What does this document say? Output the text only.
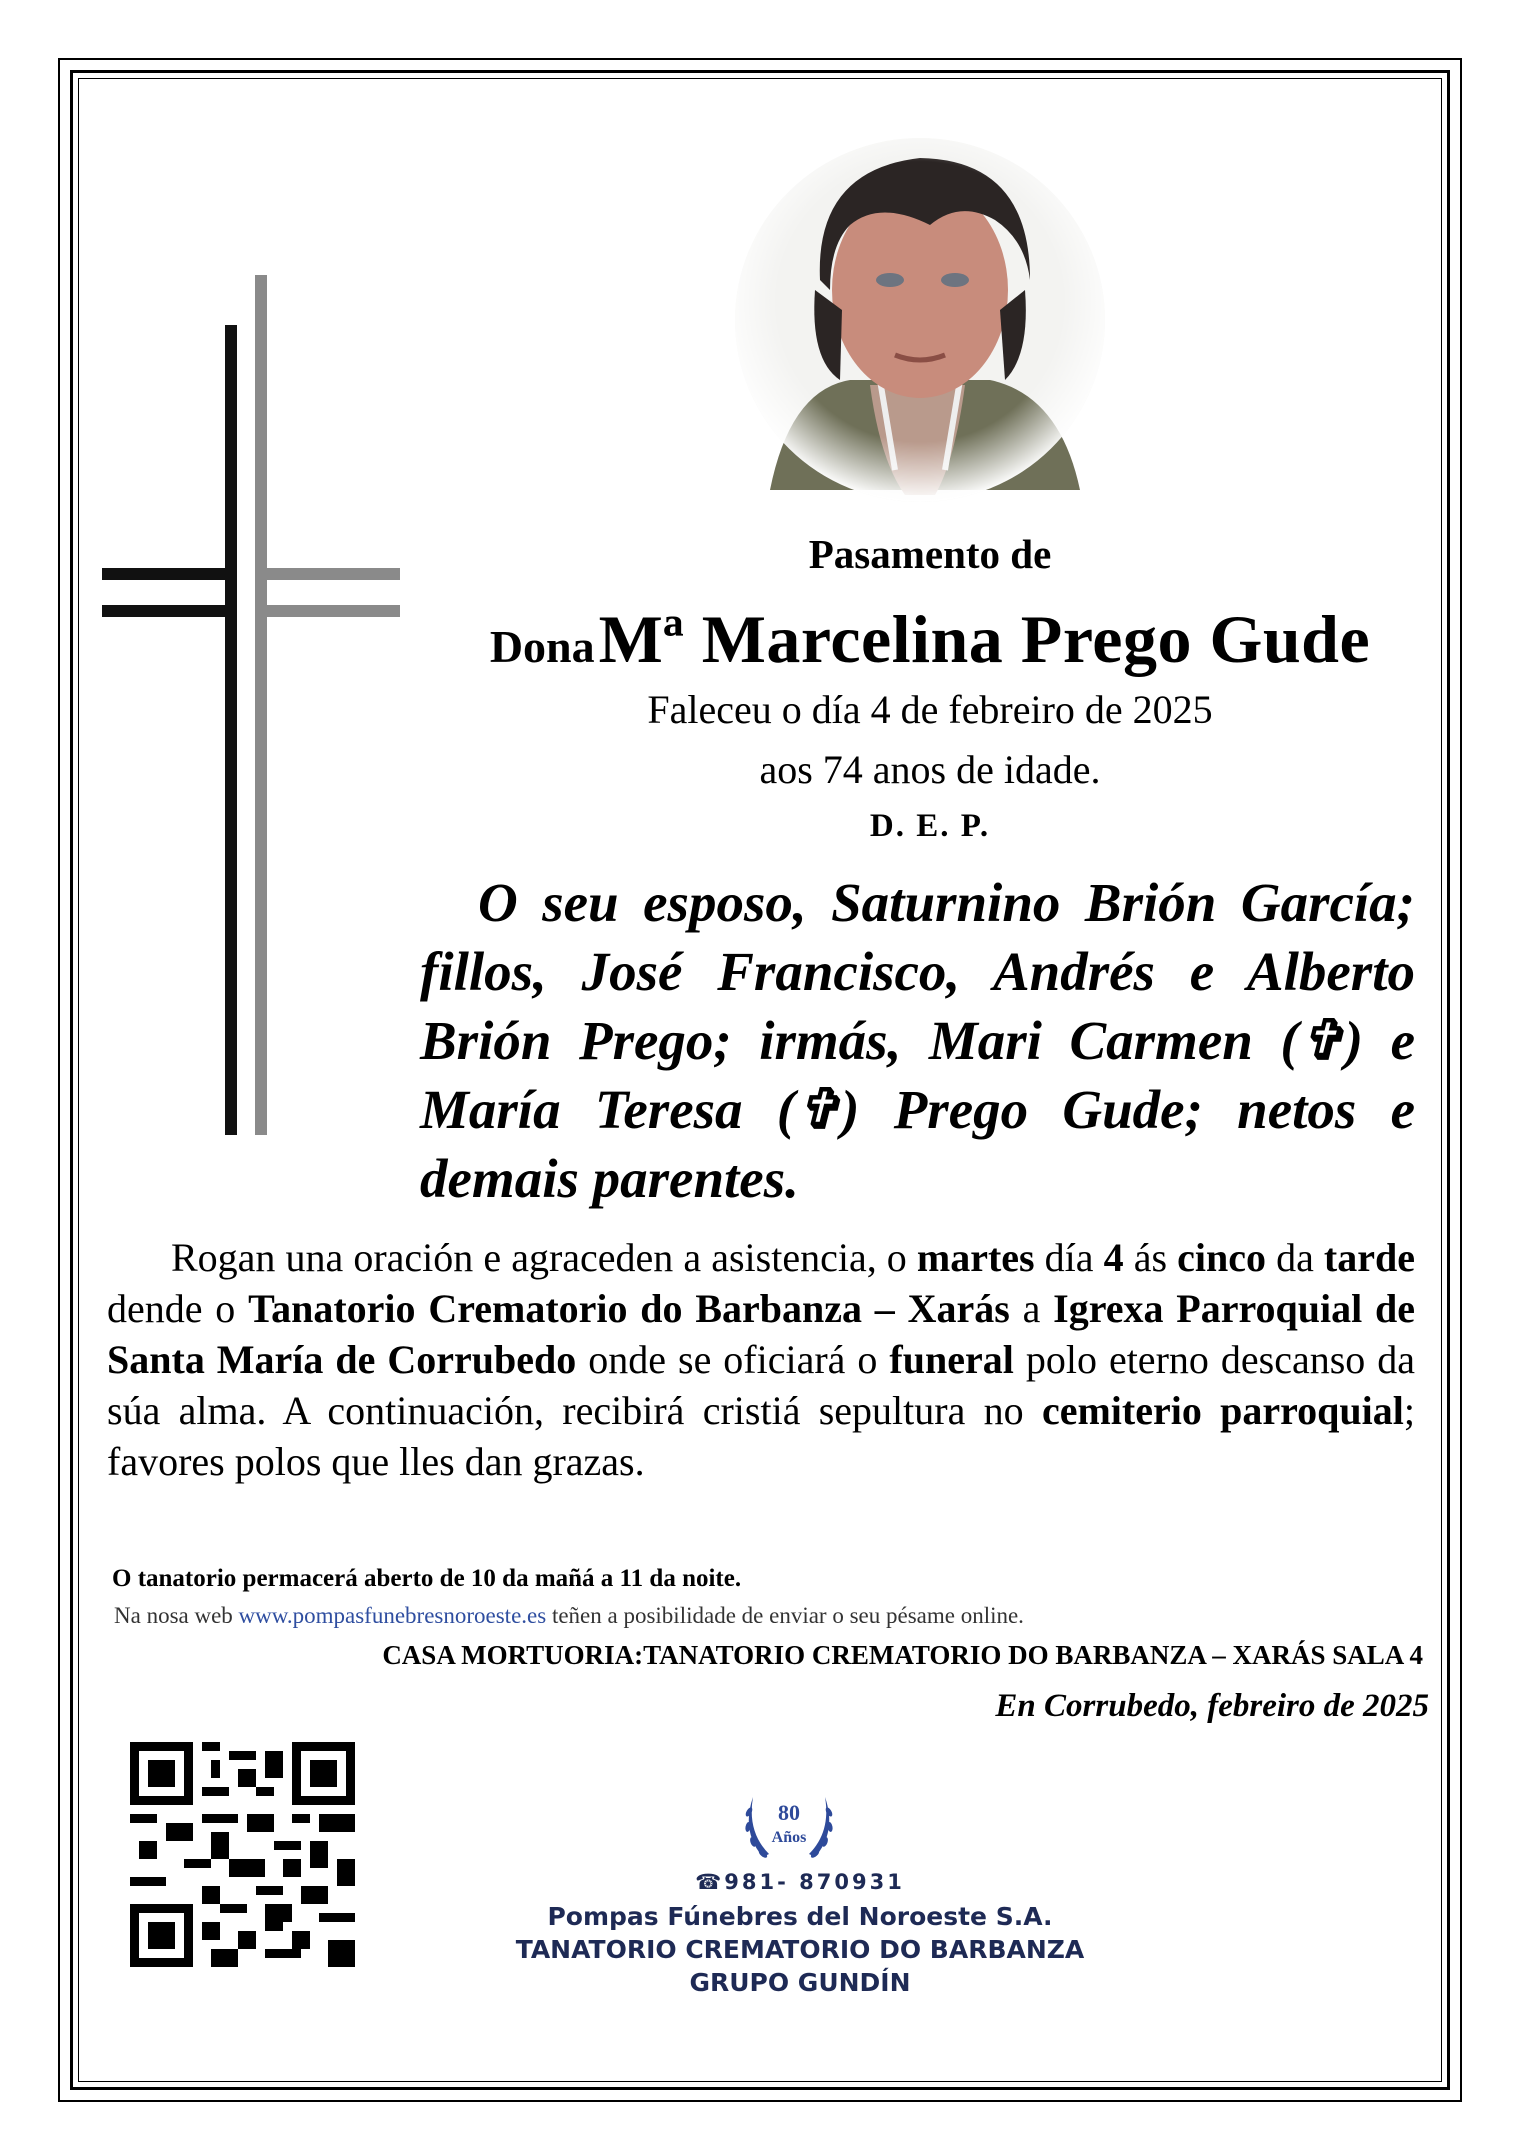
Pasamento de
Dona Mª Marcelina Prego Gude
Faleceu o día 4 de febreiro de 2025
aos 74 anos de idade.
D. E. P.
O seu esposo, Saturnino Brión García; fillos, José Francisco, Andrés e Alberto Brión Prego; irmás, Mari Carmen (✞) e María Teresa (✞) Prego Gude; netos e demais parentes.
Rogan una oración e agraceden a asistencia, o martes día 4 ás cinco da tarde dende o Tanatorio Crematorio do Barbanza – Xarás a Igrexa Parroquial de Santa María de Corrubedo onde se oficiará o funeral polo eterno descanso da súa alma. A continuación, recibirá cristiá sepultura no cemiterio parroquial; favores polos que lles dan grazas.
O tanatorio permacerá aberto de 10 da mañá a 11 da noite.
Na nosa web www.pompasfunebresnoroeste.es teñen a posibilidade de enviar o seu pésame online.
CASA MORTUORIA:TANATORIO CREMATORIO DO BARBANZA – XARÁS SALA 4
En Corrubedo, febreiro de 2025
80
Años
☎981- 870931
Pompas Fúnebres del Noroeste S.A.
TANATORIO CREMATORIO DO BARBANZA
GRUPO GUNDÍN
